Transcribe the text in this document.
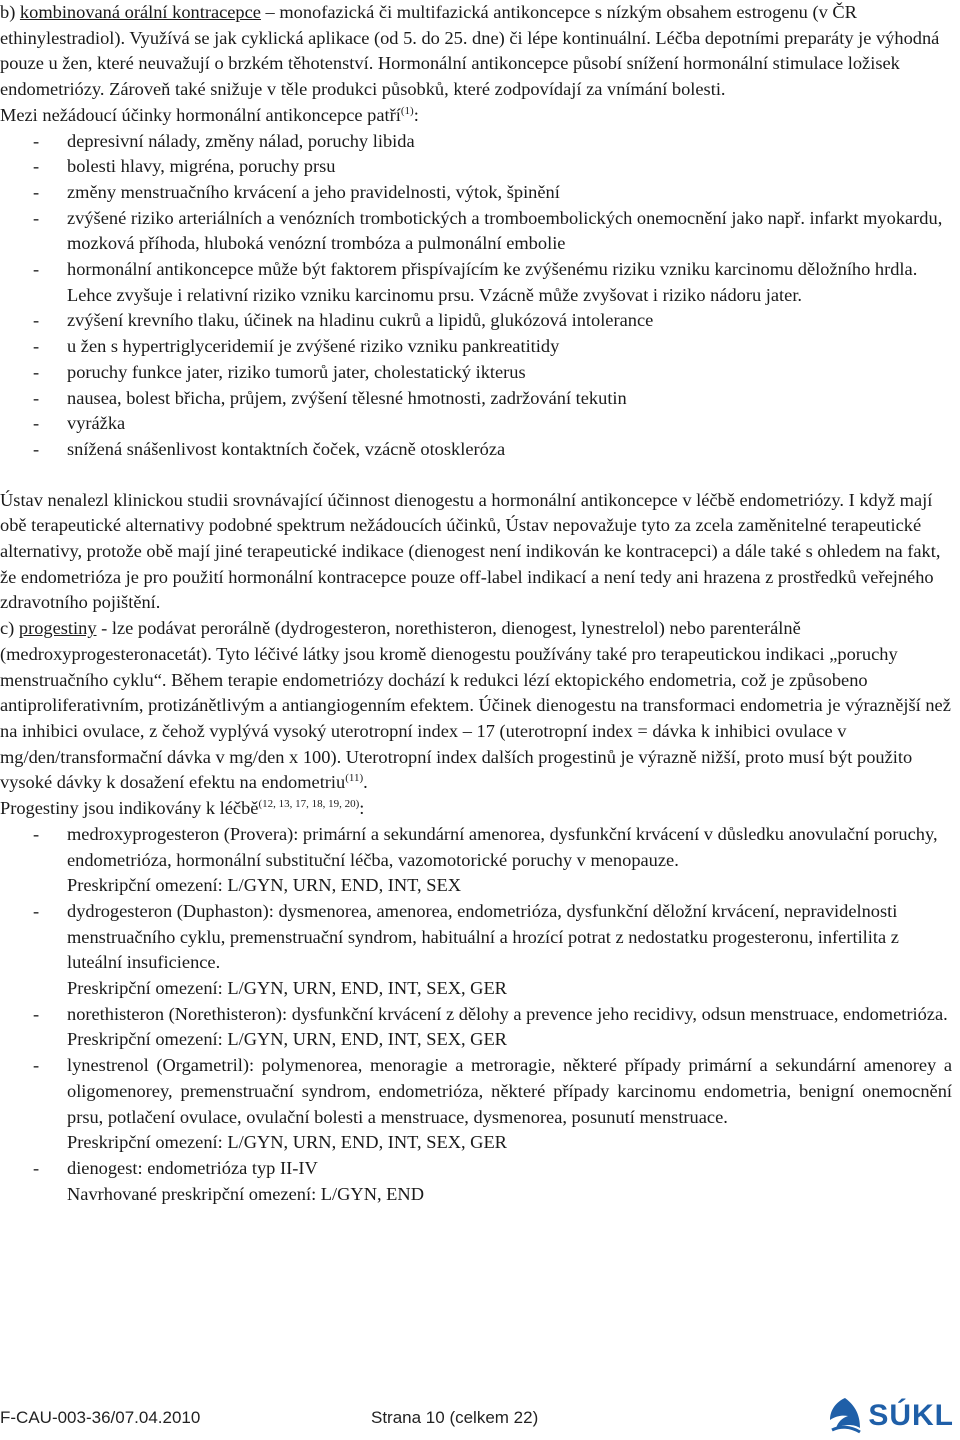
b) kombinovaná orální kontracepce – monofazická či multifazická antikoncepce s nízkým obsahem estrogenu (v ČR ethinylestradiol). Využívá se jak cyklická aplikace (od 5. do 25. dne) či lépe kontinuální. Léčba depotními preparáty je výhodná pouze u žen, které neuvažují o brzkém těhotenství. Hormonální antikoncepce působí snížení hormonální stimulace ložisek endometriózy. Zároveň také snižuje v těle produkci působků, které zodpovídají za vnímání bolesti.

Mezi nežádoucí účinky hormonální antikoncepce patří$^{(1)}$:

- depresivní nálady, změny nálad, poruchy libida
- bolesti hlavy, migréna, poruchy prsu
- změny menstruačního krvácení a jeho pravidelnosti, výtok, špinění
- zvýšené riziko arteriálních a venózních trombotických a tromboembolických onemocnění jako např. infarkt myokardu, mozková příhoda, hluboká venózní trombóza a pulmonální embolie
- hormonální antikoncepce může být faktorem přispívajícím ke zvýšenému riziku vzniku karcinomu děložního hrdla. Lehce zvyšuje i relativní riziko vzniku karcinomu prsu. Vzácně může zvyšovat i riziko nádoru jater.
- zvýšení krevního tlaku, účinek na hladinu cukrů a lipidů, glukózová intolerance
- u žen s hypertriglyceridemií je zvýšené riziko vzniku pankreatitidy
- poruchy funkce jater, riziko tumorů jater, cholestatický ikterus
- nausea, bolest břicha, průjem, zvýšení tělesné hmotnosti, zadržování tekutin
- vyrážka
- snížená snášenlivost kontaktních čoček, vzácně otoskleróza

Ústav nenalezl klinickou studii srovnávající účinnost dienogestu a hormonální antikoncepce v léčbě endometriózy. I když mají obě terapeutické alternativy podobné spektrum nežádoucích účinků, Ústav nepovažuje tyto za zcela zaměnitelné terapeutické alternativy, protože obě mají jiné terapeutické indikace (dienogest není indikován ke kontracepci) a dále také s ohledem na fakt, že endometrióza je pro použití hormonální kontracepce pouze off-label indikací a není tedy ani hrazena z prostředků veřejného zdravotního pojištění.

c) progestiny - lze podávat perorálně (dydrogesteron, norethisteron, dienogest, lynestrelol) nebo parenterálně (medroxyprogesteronacetát). Tyto léčivé látky jsou kromě dienogestu používány také pro terapeutickou indikaci „poruchy menstruačního cyklu“. Během terapie endometriózy dochází k redukci lézí ektopického endometria, což je způsobeno antiproliferativním, protizánětlivým a antiangiogenním efektem. Účinek dienogestu na transformaci endometria je výraznější než na inhibici ovulace, z čehož vyplývá vysoký uterotropní index – 17 (uterotropní index = dávka k inhibici ovulace v mg/den/transformační dávka v mg/den x 100). Uterotropní index dalších progestinů je výrazně nižší, proto musí být použito vysoké dávky k dosažení efektu na endometriu$^{(11)}$.

Progestiny jsou indikovány k léčbě$^{(12, 13, 17, 18, 19, 20)}$:

- medroxyprogesteron (Provera): primární a sekundární amenorea, dysfunkční krvácení v důsledku anovulační poruchy, endometrióza, hormonální substituční léčba, vazomotorické poruchy v menopauze.

Preskripční omezení: L/GYN, URN, END, INT, SEX

- dydrogesteron (Duphaston): dysmenorea, amenorea, endometrióza, dysfunkční děložní krvácení, nepravidelnosti menstruačního cyklu, premenstruační syndrom, habituální a hrozící potrat z nedostatku progesteronu, infertilita z luteální insuficience.

Preskripční omezení: L/GYN, URN, END, INT, SEX, GER

- norethisteron (Norethisteron): dysfunkční krvácení z dělohy a prevence jeho recidivy, odsun menstruace, endometrióza.

Preskripční omezení: L/GYN, URN, END, INT, SEX, GER

- lynestrenol (Orgametril): polymenorea, menoragie a metroragie, některé případy primární a sekundární amenorey a oligomenorey, premenstruační syndrom, endometrióza, některé případy karcinomu endometria, benigní onemocnění prsu, potlačení ovulace, ovulační bolesti a menstruace, dysmenorea, posunutí menstruace.

Preskripční omezení: L/GYN, URN, END, INT, SEX, GER

- dienogest: endometrióza typ II-IV

Navrhované preskripční omezení: L/GYN, END

F-CAU-003-36/07.04.2010	Strana 10 (celkem 22)	SÚKL
